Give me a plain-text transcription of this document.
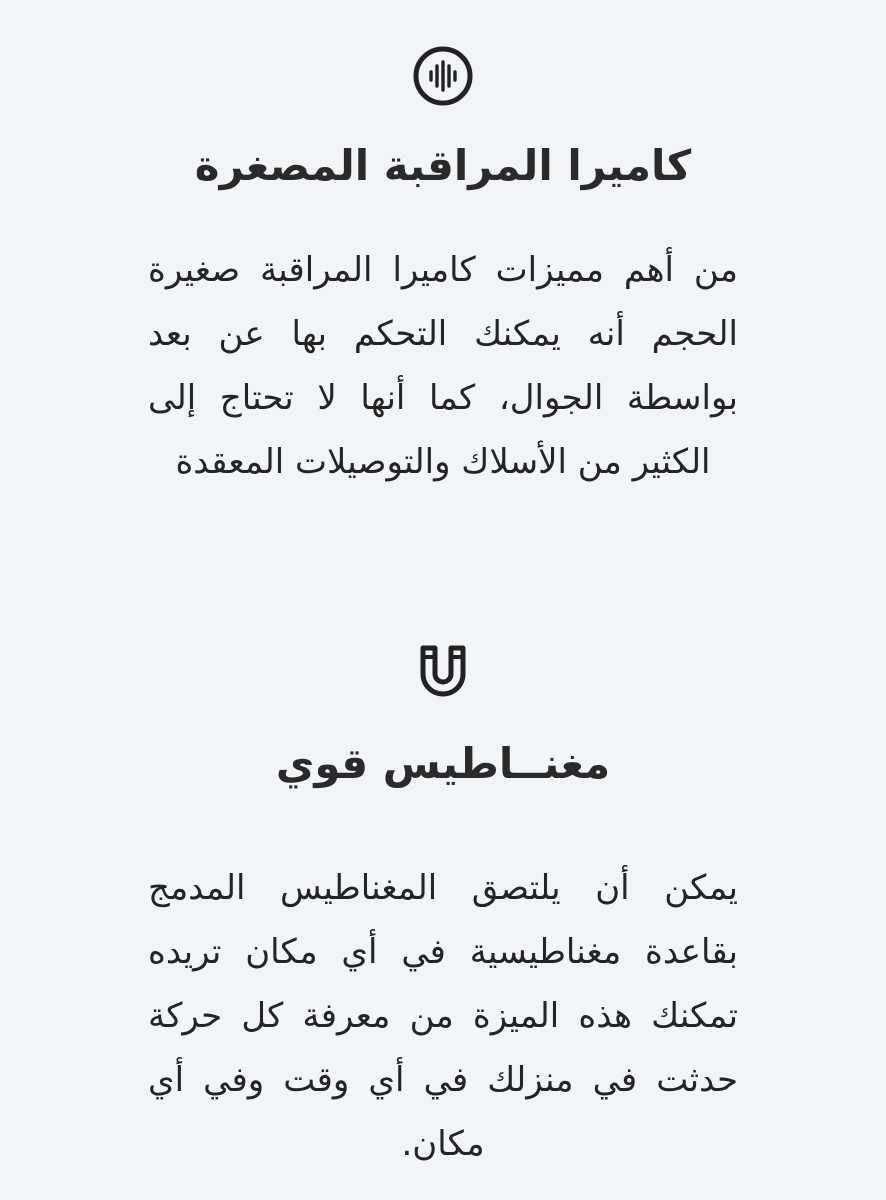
كاميرا المراقبة المصغرة

من أهم مميزات كاميرا المراقبة صغيرة الحجم أنه يمكنك التحكم بها عن بعد بواسطة الجوال، كما أنها لا تحتاج إلى الكثير من الأسلاك والتوصيلات المعقدة

مغنــاطيس قوي

يمكن أن يلتصق المغناطيس المدمج بقاعدة مغناطيسية في أي مكان تريده تمكنك هذه الميزة من معرفة كل حركة حدثت في منزلك في أي وقت وفي أي مكان.
